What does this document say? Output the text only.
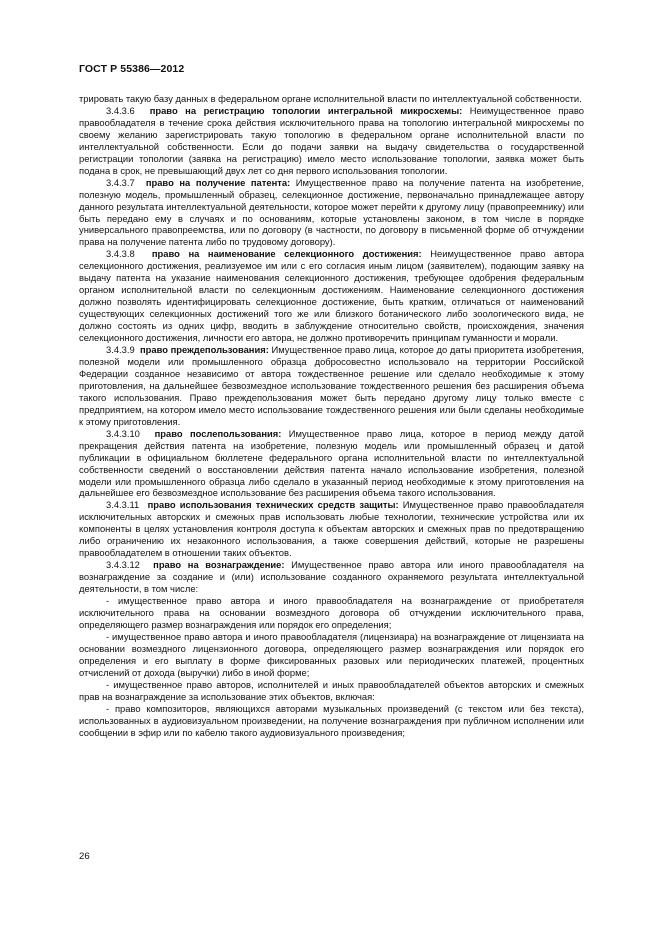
ГОСТ Р 55386—2012

трировать такую базу данных в федеральном органе исполнительной власти по интеллектуальной собственности.

3.4.3.6 право на регистрацию топологии интегральной микросхемы: Неимущественное право правообладателя в течение срока действия исключительного права на топологию интегральной микросхемы по своему желанию зарегистрировать такую топологию в федеральном органе исполнительной власти по интеллектуальной собственности. Если до подачи заявки на выдачу свидетельства о государственной регистрации топологии (заявка на регистрацию) имело место использование топологии, заявка может быть подана в срок, не превышающий двух лет со дня первого использования топологии.

3.4.3.7 право на получение патента: Имущественное право на получение патента на изобретение, полезную модель, промышленный образец, селекционное достижение, первоначально принадлежащее автору данного результата интеллектуальной деятельности, которое может перейти к другому лицу (правопреемнику) или быть передано ему в случаях и по основаниям, которые установлены законом, в том числе в порядке универсального правопреемства, или по договору (в частности, по договору в письменной форме об отчуждении права на получение патента либо по трудовому договору).

3.4.3.8 право на наименование селекционного достижения: Неимущественное право автора селекционного достижения, реализуемое им или с его согласия иным лицом (заявителем), подающим заявку на выдачу патента на указание наименования селекционного достижения, требующее одобрения федеральным органом исполнительной власти по селекционным достижениям. Наименование селекционного достижения должно позволять идентифицировать селекционное достижение, быть кратким, отличаться от наименований существующих селекционных достижений того же или близкого ботанического либо зоологического вида, не должно состоять из одних цифр, вводить в заблуждение относительно свойств, происхождения, значения селекционного достижения, личности его автора, не должно противоречить принципам гуманности и морали.

3.4.3.9 право преждепользования: Имущественное право лица, которое до даты приоритета изобретения, полезной модели или промышленного образца добросовестно использовало на территории Российской Федерации созданное независимо от автора тождественное решение или сделало необходимые к этому приготовления, на дальнейшее безвозмездное использование тождественного решения без расширения объема такого использования. Право преждепользования может быть передано другому лицу только вместе с предприятием, на котором имело место использование тождественного решения или были сделаны необходимые к этому приготовления.

3.4.3.10 право послепользования: Имущественное право лица, которое в период между датой прекращения действия патента на изобретение, полезную модель или промышленный образец и датой публикации в официальном бюллетене федерального органа исполнительной власти по интеллектуальной собственности сведений о восстановлении действия патента начало использование изобретения, полезной модели или промышленного образца либо сделало в указанный период необходимые к этому приготовления на дальнейшее его безвозмездное использование без расширения объема такого использования.

3.4.3.11 право использования технических средств защиты: Имущественное право правообладателя исключительных авторских и смежных прав использовать любые технологии, технические устройства или их компоненты в целях установления контроля доступа к объектам авторских и смежных прав по предотвращению либо ограничению их незаконного использования, а также совершения действий, которые не разрешены правообладателем в отношении таких объектов.

3.4.3.12 право на вознаграждение: Имущественное право автора или иного правообладателя на вознаграждение за создание и (или) использование созданного охраняемого результата интеллектуальной деятельности, в том числе:

- имущественное право автора и иного правообладателя на вознаграждение от приобретателя исключительного права на основании возмездного договора об отчуждении исключительного права, определяющего размер вознаграждения или порядок его определения;

- имущественное право автора и иного правообладателя (лицензиара) на вознаграждение от лицензиата на основании возмездного лицензионного договора, определяющего размер вознаграждения или порядок его определения и его выплату в форме фиксированных разовых или периодических платежей, процентных отчислений от дохода (выручки) либо в иной форме;

- имущественное право авторов, исполнителей и иных правообладателей объектов авторских и смежных прав на вознаграждение за использование этих объектов, включая:

- право композиторов, являющихся авторами музыкальных произведений (с текстом или без текста), использованных в аудиовизуальном произведении, на получение вознаграждения при публичном исполнении или сообщении в эфир или по кабелю такого аудиовизуального произведения;

26
